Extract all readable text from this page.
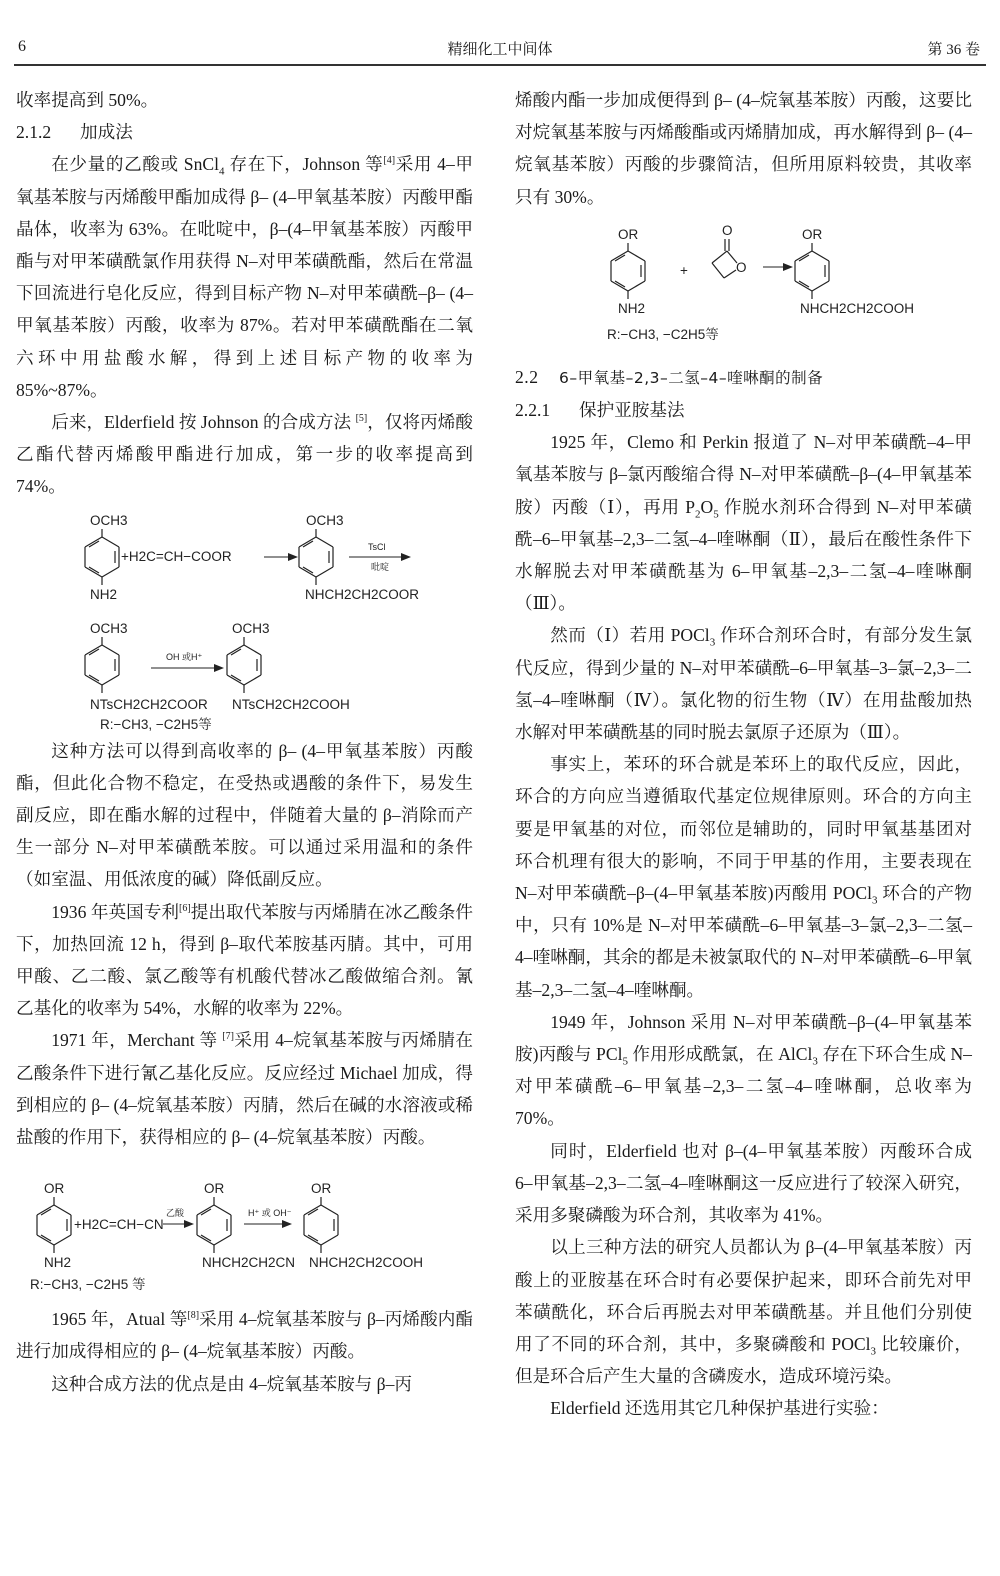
6	精细化工中间体	第 36 卷

收率提高到 50%。

2.1.2 加成法

在少量的乙酸或 SnCl$_4$ 存在下，Johnson 等[4]采用 4–甲氧基苯胺与丙烯酸甲酯加成得 β– (4–甲氧基苯胺）丙酸甲酯晶体，收率为 63%。在吡啶中，β–(4–甲氧基苯胺）丙酸甲酯与对甲苯磺酰氯作用获得 N–对甲苯磺酰酯，然后在常温下回流进行皂化反应，得到目标产物 N–对甲苯磺酰–β– (4–甲氧基苯胺）丙酸，收率为 87%。若对甲苯磺酰酯在二氧六环中用盐酸水解，得到上述目标产物的收率为 85%~87%。

后来，Elderfield 按 Johnson 的合成方法 [5]，仅将丙烯酸乙酯代替丙烯酸甲酯进行加成，第一步的收率提高到 74%。

OCH3
NH2
+H2C=CH−COOR
OCH3
NHCH2CH2COOR
TsCl
吡啶
OCH3
NTsCH2CH2COOR
OH 或H⁺
OCH3
NTsCH2CH2COOH
R:−CH3, −C2H5等

这种方法可以得到高收率的 β– (4–甲氧基苯胺）丙酸酯，但此化合物不稳定，在受热或遇酸的条件下，易发生副反应，即在酯水解的过程中，伴随着大量的 β–消除而产生一部分 N–对甲苯磺酰苯胺。可以通过采用温和的条件（如室温、用低浓度的碱）降低副反应。

1936 年英国专利[6]提出取代苯胺与丙烯腈在冰乙酸条件下，加热回流 12 h，得到 β–取代苯胺基丙腈。其中，可用甲酸、乙二酸、氯乙酸等有机酸代替冰乙酸做缩合剂。氰乙基化的收率为 54%，水解的收率为 22%。

1971 年，Merchant 等 [7]采用 4–烷氧基苯胺与丙烯腈在乙酸条件下进行氰乙基化反应。反应经过 Michael 加成，得到相应的 β– (4–烷氧基苯胺）丙腈，然后在碱的水溶液或稀盐酸的作用下，获得相应的 β– (4–烷氧基苯胺）丙酸。

OR
NH2
+H2C=CH−CN
乙酸
OR
NHCH2CH2CN
H⁺ 或 OH⁻
OR
NHCH2CH2COOH
R:−CH3, −C2H5 等

1965 年，Atual 等[8]采用 4–烷氧基苯胺与 β–丙烯酸内酯进行加成得相应的 β– (4–烷氧基苯胺）丙酸。

这种合成方法的优点是由 4–烷氧基苯胺与 β–丙

烯酸内酯一步加成便得到 β– (4–烷氧基苯胺）丙酸，这要比对烷氧基苯胺与丙烯酸酯或丙烯腈加成，再水解得到 β– (4–烷氧基苯胺）丙酸的步骤简洁，但所用原料较贵，其收率只有 30%。

OR
NH2
+
O
O
OR
NHCH2CH2COOH
R:−CH3, −C2H5等

2.2 6–甲氧基–2,3–二氢–4–喹啉酮的制备

2.2.1 保护亚胺基法

1925 年，Clemo 和 Perkin 报道了 N–对甲苯磺酰–4–甲氧基苯胺与 β–氯丙酸缩合得 N–对甲苯磺酰–β–(4–甲氧基苯胺）丙酸（Ⅰ），再用 $P_2O_5$ 作脱水剂环合得到 N–对甲苯磺酰–6–甲氧基–2,3–二氢–4–喹啉酮（Ⅱ），最后在酸性条件下水解脱去对甲苯磺酰基为 6–甲氧基–2,3–二氢–4–喹啉酮（Ⅲ）。

然而（Ⅰ）若用 POCl$_3$ 作环合剂环合时，有部分发生氯代反应，得到少量的 N–对甲苯磺酰–6–甲氧基–3–氯–2,3–二氢–4–喹啉酮（Ⅳ）。氯化物的衍生物（Ⅳ）在用盐酸加热水解对甲苯磺酰基的同时脱去氯原子还原为（Ⅲ）。

事实上，苯环的环合就是苯环上的取代反应，因此，环合的方向应当遵循取代基定位规律原则。环合的方向主要是甲氧基的对位，而邻位是辅助的，同时甲氧基基团对环合机理有很大的影响，不同于甲基的作用，主要表现在 N–对甲苯磺酰–β–(4–甲氧基苯胺)丙酸用 POCl$_3$ 环合的产物中，只有 10%是 N–对甲苯磺酰–6–甲氧基–3–氯–2,3–二氢–4–喹啉酮，其余的都是未被氯取代的 N–对甲苯磺酰–6–甲氧基–2,3–二氢–4–喹啉酮。

1949 年，Johnson 采用 N–对甲苯磺酰–β–(4–甲氧基苯胺)丙酸与 PCl$_5$ 作用形成酰氯，在 AlCl$_3$ 存在下环合生成 N–对甲苯磺酰–6–甲氧基–2,3–二氢–4–喹啉酮，总收率为 70%。

同时，Elderfield 也对 β–(4–甲氧基苯胺）丙酸环合成 6–甲氧基–2,3–二氢–4–喹啉酮这一反应进行了较深入研究，采用多聚磷酸为环合剂，其收率为 41%。

以上三种方法的研究人员都认为 β–(4–甲氧基苯胺）丙酸上的亚胺基在环合时有必要保护起来，即环合前先对甲苯磺酰化，环合后再脱去对甲苯磺酰基。并且他们分别使用了不同的环合剂，其中，多聚磷酸和 POCl$_3$ 比较廉价，但是环合后产生大量的含磷废水，造成环境污染。

Elderfield 还选用其它几种保护基进行实验：
